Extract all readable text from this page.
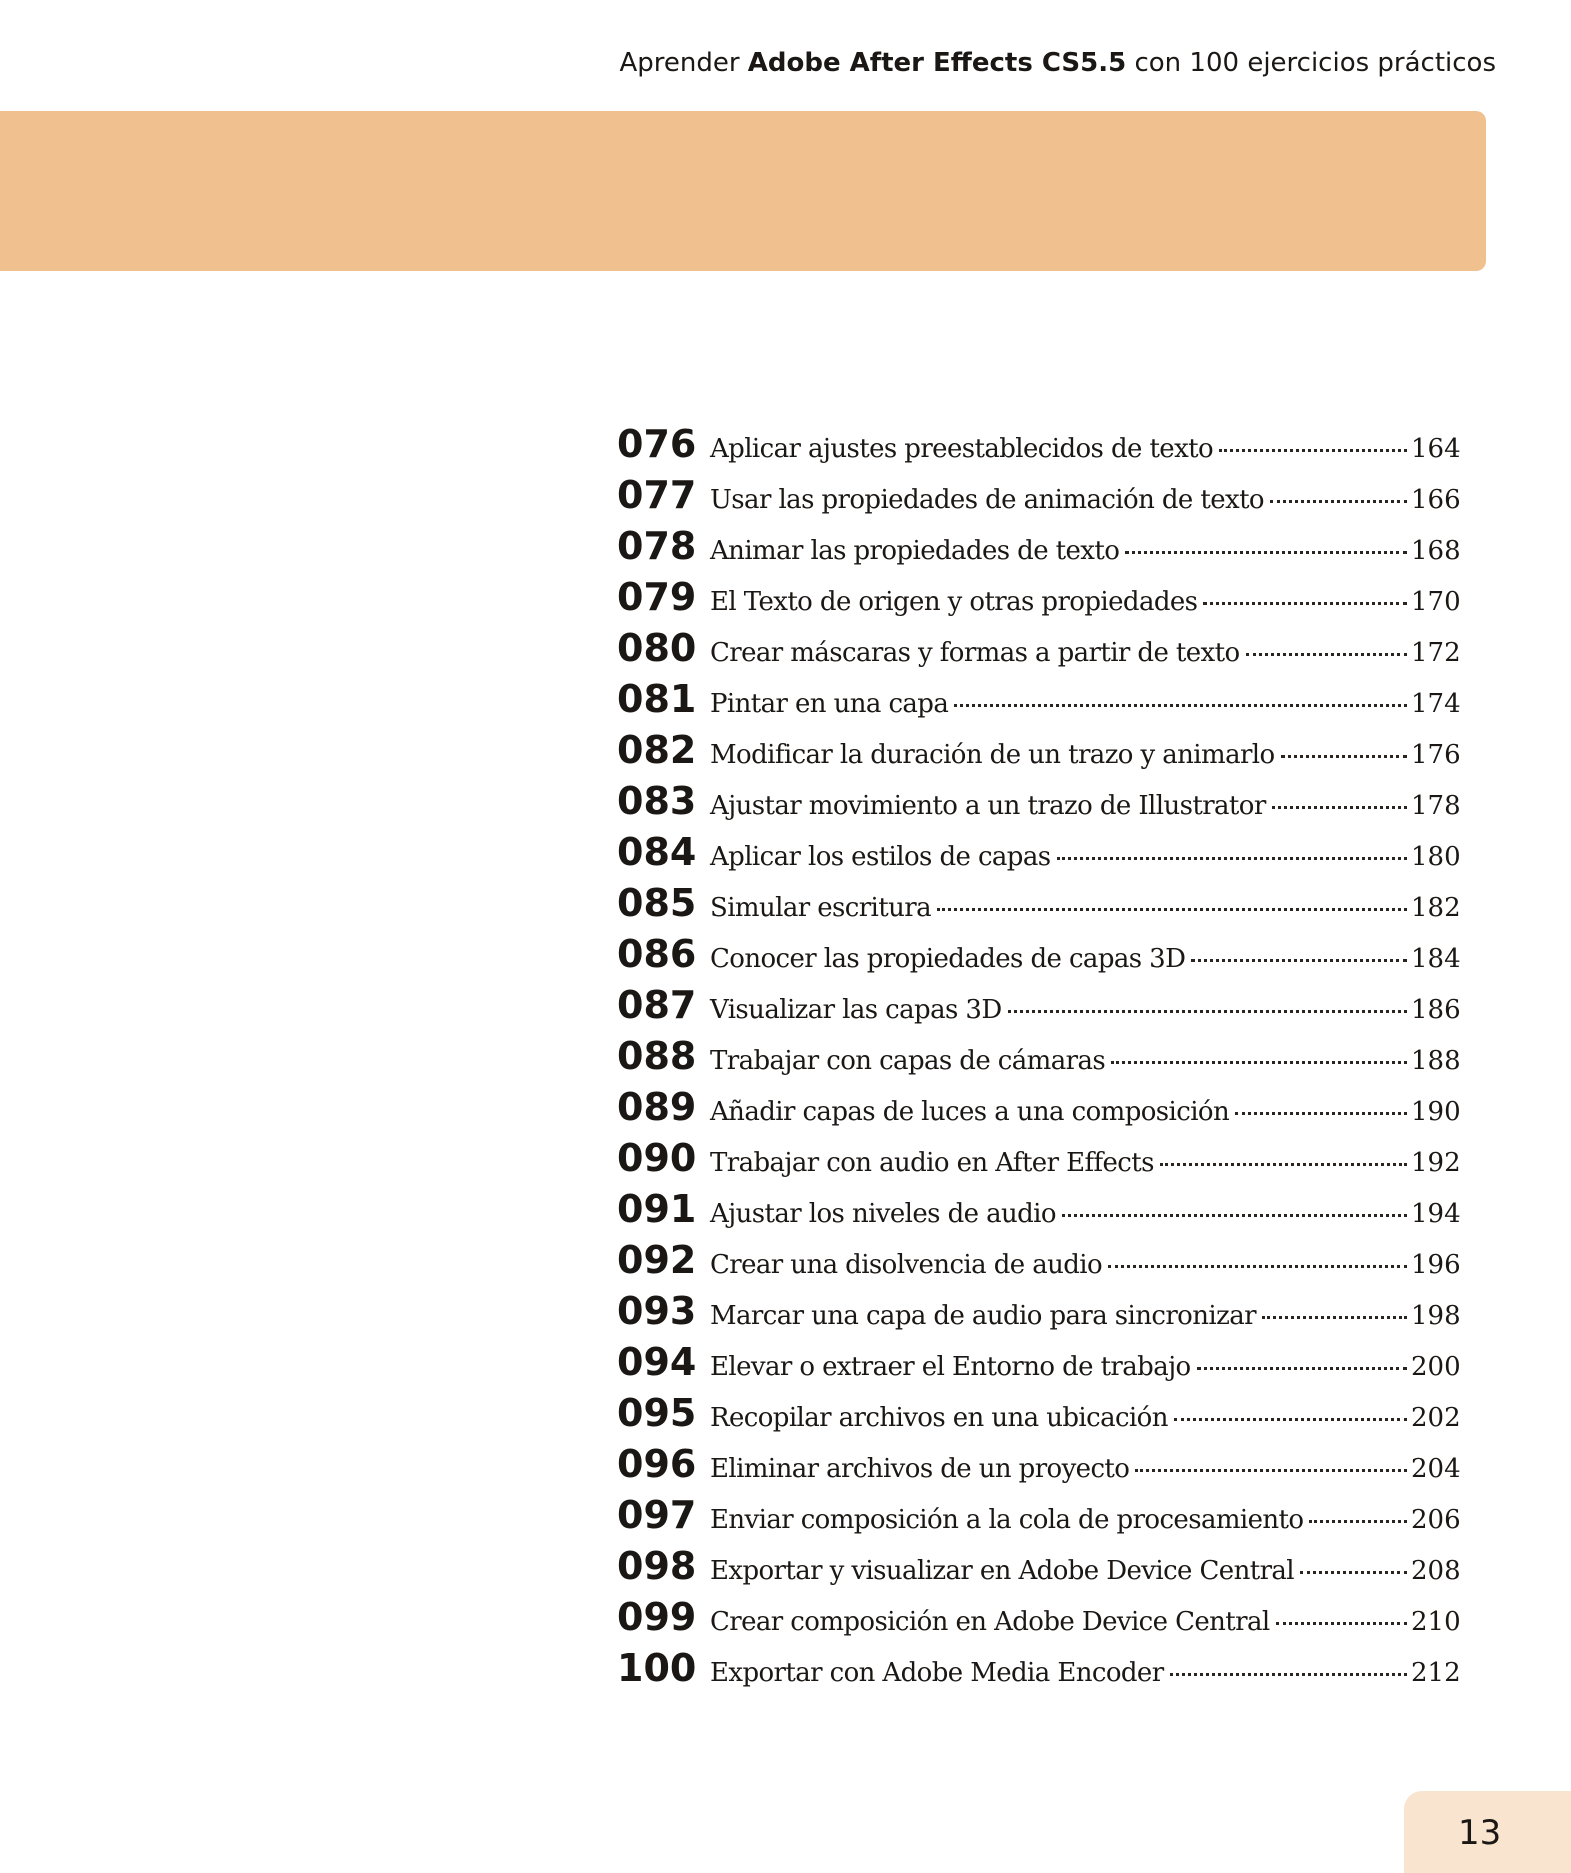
Aprender Adobe After Effects CS5.5 con 100 ejercicios prácticos
076 Aplicar ajustes preestablecidos de texto	164
077 Usar las propiedades de animación de texto	166
078 Animar las propiedades de texto	168
079 El Texto de origen y otras propiedades	170
080 Crear máscaras y formas a partir de texto	172
081 Pintar en una capa	174
082 Modificar la duración de un trazo y animarlo	176
083 Ajustar movimiento a un trazo de Illustrator	178
084 Aplicar los estilos de capas	180
085 Simular escritura	182
086 Conocer las propiedades de capas 3D	184
087 Visualizar las capas 3D	186
088 Trabajar con capas de cámaras	188
089 Añadir capas de luces a una composición	190
090 Trabajar con audio en After Effects	192
091 Ajustar los niveles de audio	194
092 Crear una disolvencia de audio	196
093 Marcar una capa de audio para sincronizar	198
094 Elevar o extraer el Entorno de trabajo	200
095 Recopilar archivos en una ubicación	202
096 Eliminar archivos de un proyecto	204
097 Enviar composición a la cola de procesamiento	206
098 Exportar y visualizar en Adobe Device Central	208
099 Crear composición en Adobe Device Central	210
100 Exportar con Adobe Media Encoder	212
13
